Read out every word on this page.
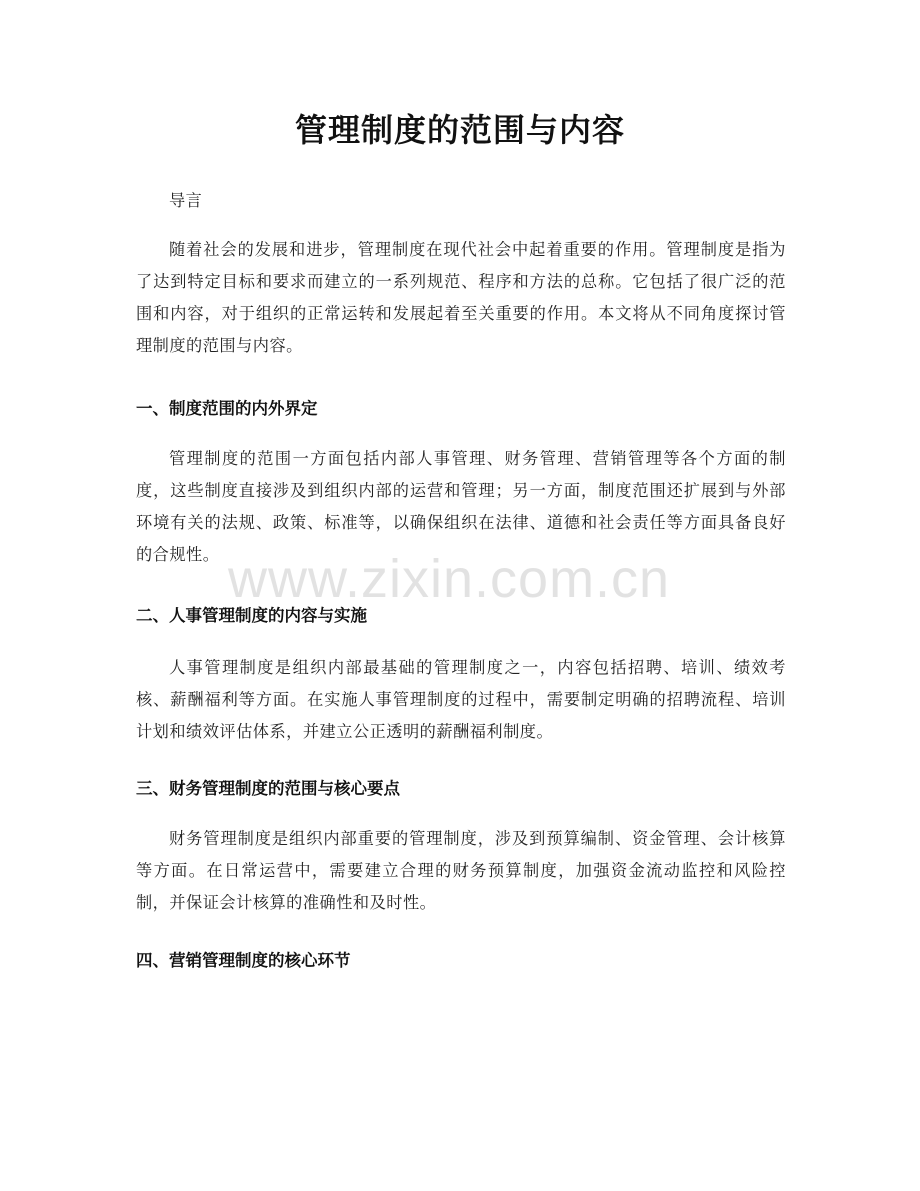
管理制度的范围与内容
导言
随着社会的发展和进步，管理制度在现代社会中起着重要的作用。管理制度是指为了达到特定目标和要求而建立的一系列规范、程序和方法的总称。它包括了很广泛的范围和内容，对于组织的正常运转和发展起着至关重要的作用。本文将从不同角度探讨管理制度的范围与内容。
一、制度范围的内外界定
管理制度的范围一方面包括内部人事管理、财务管理、营销管理等各个方面的制度，这些制度直接涉及到组织内部的运营和管理；另一方面，制度范围还扩展到与外部环境有关的法规、政策、标准等，以确保组织在法律、道德和社会责任等方面具备良好的合规性。
二、人事管理制度的内容与实施
人事管理制度是组织内部最基础的管理制度之一，内容包括招聘、培训、绩效考核、薪酬福利等方面。在实施人事管理制度的过程中，需要制定明确的招聘流程、培训计划和绩效评估体系，并建立公正透明的薪酬福利制度。
三、财务管理制度的范围与核心要点
财务管理制度是组织内部重要的管理制度，涉及到预算编制、资金管理、会计核算等方面。在日常运营中，需要建立合理的财务预算制度，加强资金流动监控和风险控制，并保证会计核算的准确性和及时性。
四、营销管理制度的核心环节
www.zixin.com.cn
